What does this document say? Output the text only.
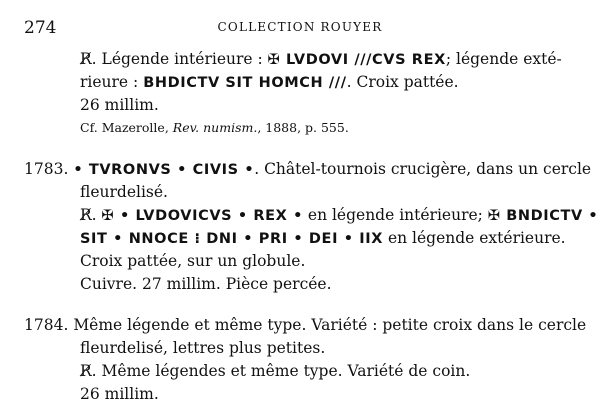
274	COLLECTION ROUYER
R̸. Légende intérieure : ✠ LVDOVI ///CVS REX; légende exté-
rieure : BHDICTV SIT HOMCH ///. Croix pattée.
26 millim.
Cf. Mazerolle, Rev. numism., 1888, p. 555.
1783. • TVRONVS • CIVIS •. Châtel-tournois crucigère, dans un cercle
fleurdelisé.
R̸. ✠ • LVDOVICVS • REX • en légende intérieure; ✠ BNDICTV •
SIT • NNOCE ⁝ DNI • PRI • DEI • IIX en légende extérieure.
Croix pattée, sur un globule.
Cuivre. 27 millim. Pièce percée.
1784. Même légende et même type. Variété : petite croix dans le cercle
fleurdelisé, lettres plus petites.
R̸. Même légendes et même type. Variété de coin.
26 millim.
